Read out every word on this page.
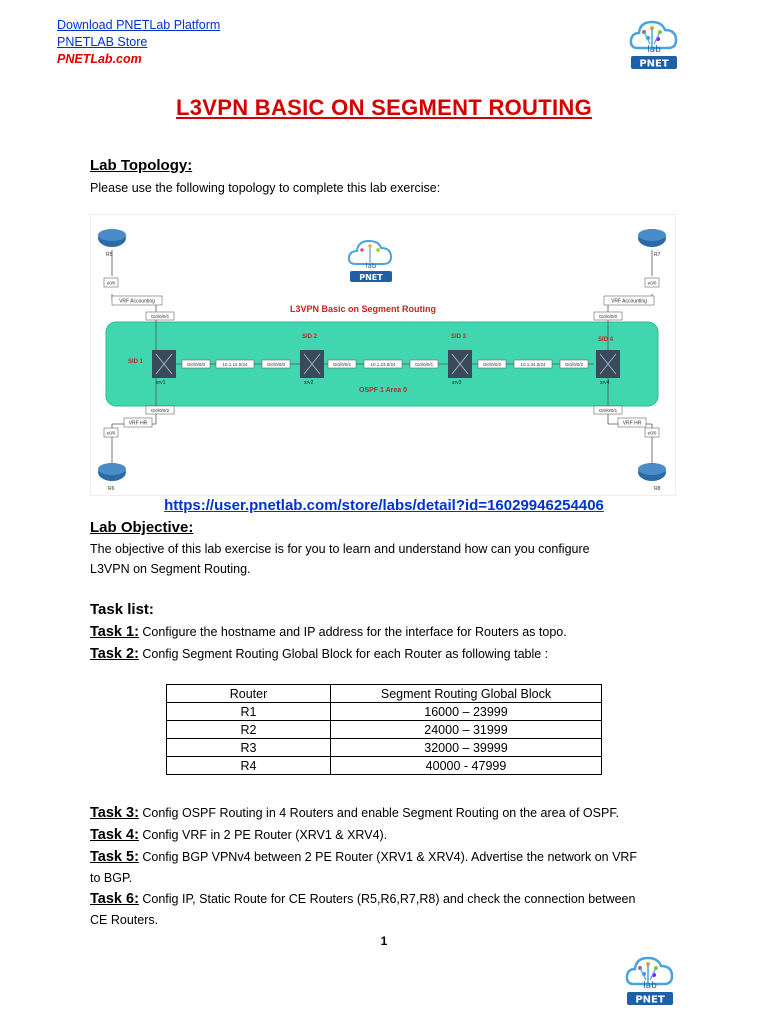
Download PNETLab Platform
PNETLAB Store
PNETLab.com
lab
PNET
L3VPN BASIC ON SEGMENT ROUTING
Lab Topology:
Please use the following topology to complete this lab exercise:
lab
PNET
L3VPN Basic on Segment Routing
R5
e0/0
VRF Accounting
Gi0/0/0/1
Gi0/0/0/2
VRF HR
e0/0
R6
R7
e0/0
VRF Accounting
Gi0/0/0/0
Gi0/0/0/1
VRF HR
e0/0
R8
Gi0/0/0/0	10.1.12.0/24	Gi0/0/0/0	Gi0/0/0/1	10.1.23.0/24	Gi0/0/0/1	Gi0/0/0/2	10.1.34.0/24	Gi0/0/0/2
xrv1	xrv2	xrv3	xrv4
SID 1
SID 2	SID 3	SID 4
OSPF 1 Area 0
https://user.pnetlab.com/store/labs/detail?id=16029946254406
Lab Objective:
The objective of this lab exercise is for you to learn and understand how can you configure
L3VPN on Segment Routing.
Task list:
Task 1: Configure the hostname and IP address for the interface for Routers as topo.
Task 2: Config Segment Routing Global Block for each Router as following table :
Router	Segment Routing Global Block
R1	16000 – 23999
R2	24000 – 31999
R3	32000 – 39999
R4	40000 - 47999
Task 3: Config OSPF Routing in 4 Routers and enable Segment Routing on the area of OSPF.
Task 4: Config VRF in 2 PE Router (XRV1 & XRV4).
Task 5: Config BGP VPNv4 between 2 PE Router (XRV1 & XRV4). Advertise the network on VRF
to BGP.
Task 6: Config IP, Static Route for CE Routers (R5,R6,R7,R8) and check the connection between
CE Routers.
1
lab
PNET
